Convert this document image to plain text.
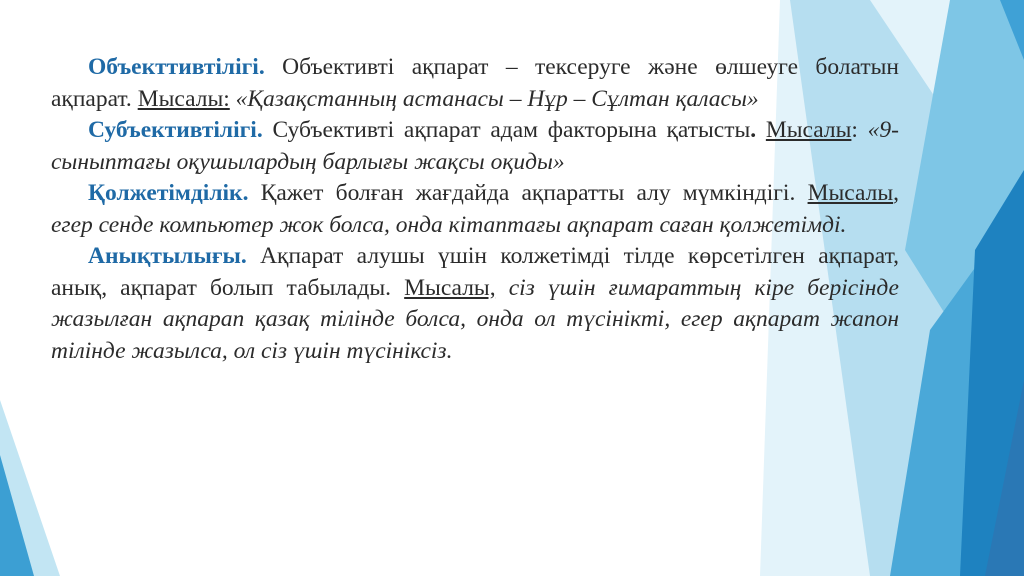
Объекттивтілігі. Объективті ақпарат – тексеруге және өлшеуге болатын ақпарат. Мысалы: «Қазақстанның астанасы – Нұр – Сұлтан қаласы»

Субъективтілігі. Субъективті ақпарат адам факторына қатысты. Мысалы: «9- сыныптағы оқушылардың барлығы жақсы оқиды»

Қолжетімділік. Қажет болған жағдайда ақпаратты алу мүмкіндігі. Мысалы, егер сенде компьютер жок болса, онда кітаптағы ақпарат саған қолжетімді.

Анықтылығы. Ақпарат алушы үшін колжетімді тілде көрсетілген ақпарат, анық, ақпарат болып табылады. Мысалы, сіз үшін ғимараттың кіре берісінде жазылған ақпарап қазақ тілінде болса, онда ол түсінікті, егер ақпарат жапон тілінде жазылса, ол сіз үшін түсініксіз.
